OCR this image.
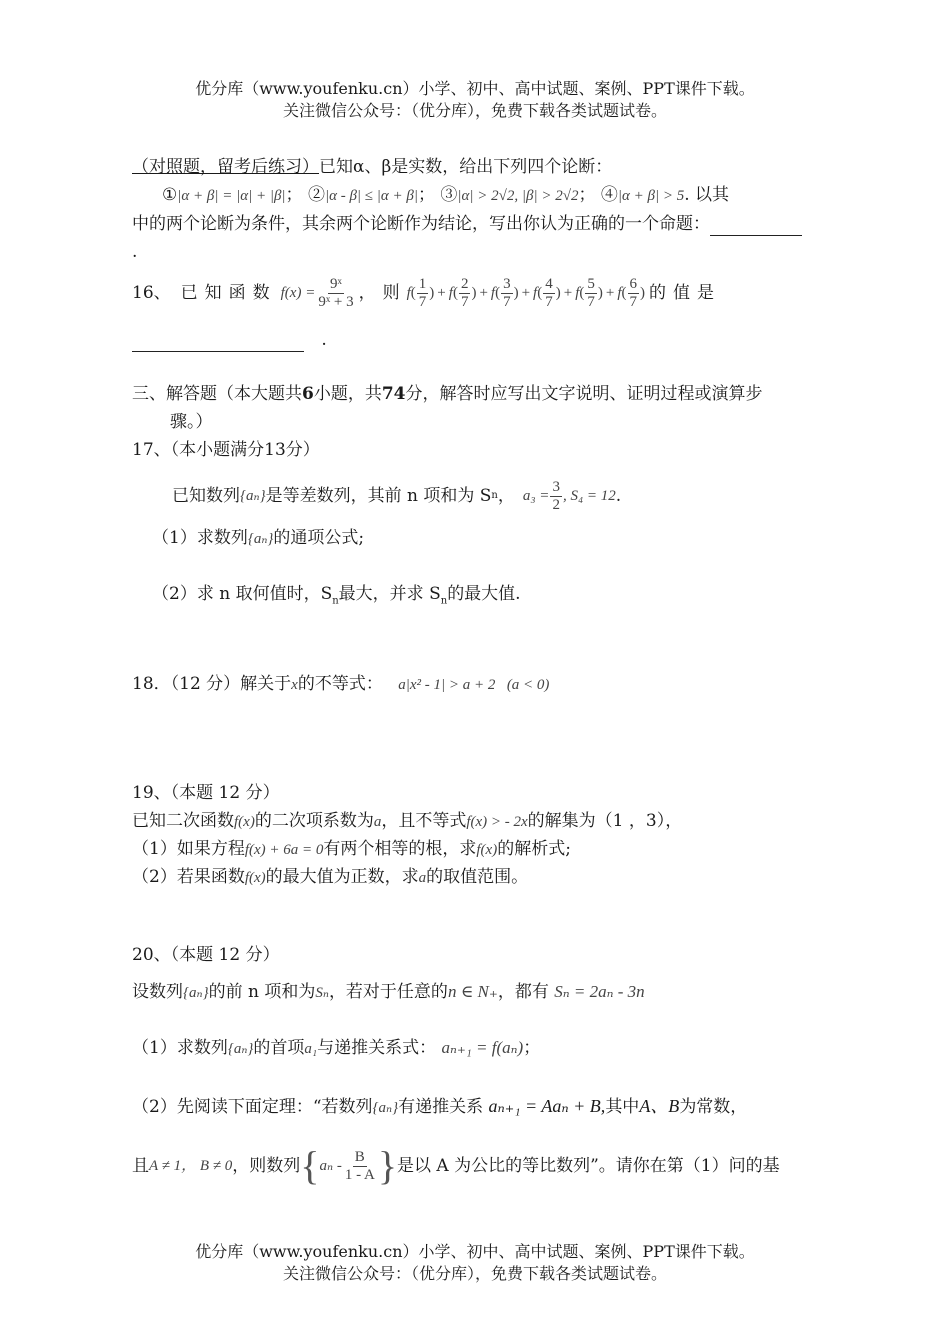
优分库（www.youfenku.cn）小学、初中、高中试题、案例、PPT课件下载。
关注微信公众号：（优分库），免费下载各类试题试卷。
（对照题，留考后练习）已知α、β是实数，给出下列四个论断：
①|α + β| = |α| + |β|； ②|α - β| ≤ |α + β|； ③|α| > 2√2, |β| > 2√2； ④|α + β| > 5. 以其
中的两个论断为条件，其余两个论断作为结论，写出你认为正确的一个命题：
.
16、 已知函数 $f(x) = \frac{\text{9ˣ}}{\text{9ˣ + 3}}$ ，则 f ( $\frac{1}{7}$ ) + f ( $\frac{2}{7}$ ) + f ( $\frac{3}{7}$ ) + f ( $\frac{4}{7}$ ) + f ( $\frac{5}{7}$ ) + f ( $\frac{6}{7}$ ) 的值是
.
三、解答题（本大题共6小题，共74分，解答时应写出文字说明、证明过程或演算步
骤。）
17、（本小题满分13分）
已知数列 {aₙ} 是等差数列，其前 n 项和为 S n ， $a_3 = \frac{3}{2}$ , S₄ = 12 .
（1）求数列{aₙ}的通项公式;
（2）求 n 取何值时，$S_n$最大，并求 $S_n$的最大值.
18．（12 分）解关于x的不等式： a|x² - 1| > a + 2 (a < 0)
19、（本题 12 分）
已知二次函数f(x)的二次项系数为a，且不等式f(x) > - 2x的解集为（1 ，3），
（1）如果方程f(x) + 6a = 0有两个相等的根，求f(x)的解析式;
（2）若果函数f(x)的最大值为正数，求a的取值范围。
20、（本题 12 分）
设数列{aₙ}的前 n 项和为Sₙ，若对于任意的n ∈ N₊，都有 Sₙ = 2aₙ - 3n
（1）求数列{aₙ}的首项a₁与递推关系式： aₙ₊₁ = f(aₙ)；
（2）先阅读下面定理：“若数列{aₙ}有递推关系 aₙ₊₁ = Aaₙ + B,其中A、B为常数，
且 A ≠ 1， B ≠ 0 ，则数列 { aₙ - $\frac{B}{1 - A}$ } 是以 A 为公比的等比数列”。请你在第（1）问的基
优分库（www.youfenku.cn）小学、初中、高中试题、案例、PPT课件下载。
关注微信公众号：（优分库），免费下载各类试题试卷。
